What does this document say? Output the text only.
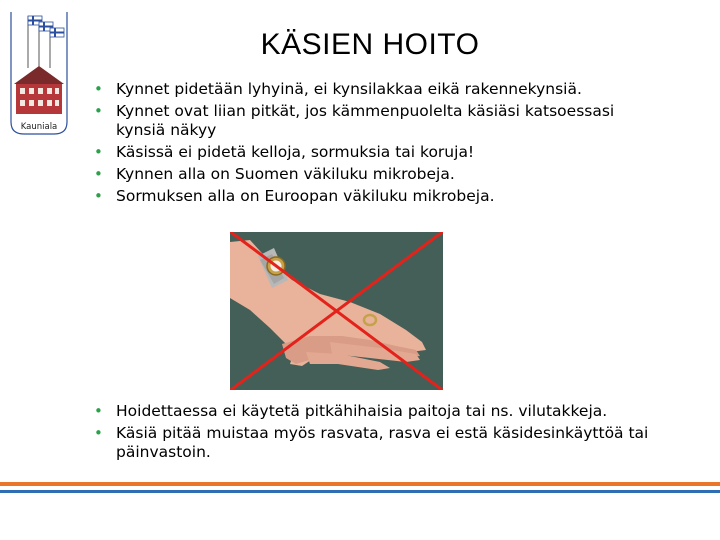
Kauniala
KÄSIEN HOITO
• Kynnet pidetään lyhyinä, ei kynsilakkaa eikä rakennekynsiä.
• Kynnet ovat liian pitkät, jos kämmenpuolelta käsiäsi katsoessasi kynsiä näkyy
• Käsissä ei pidetä kelloja, sormuksia tai koruja!
• Kynnen alla on Suomen väkiluku mikrobeja.
• Sormuksen alla on Euroopan väkiluku mikrobeja.
• Hoidettaessa ei käytetä pitkähihaisia paitoja tai ns. vilutakkeja.
• Käsiä pitää muistaa myös rasvata, rasva ei estä käsidesinkäyttöä tai päinvastoin.
